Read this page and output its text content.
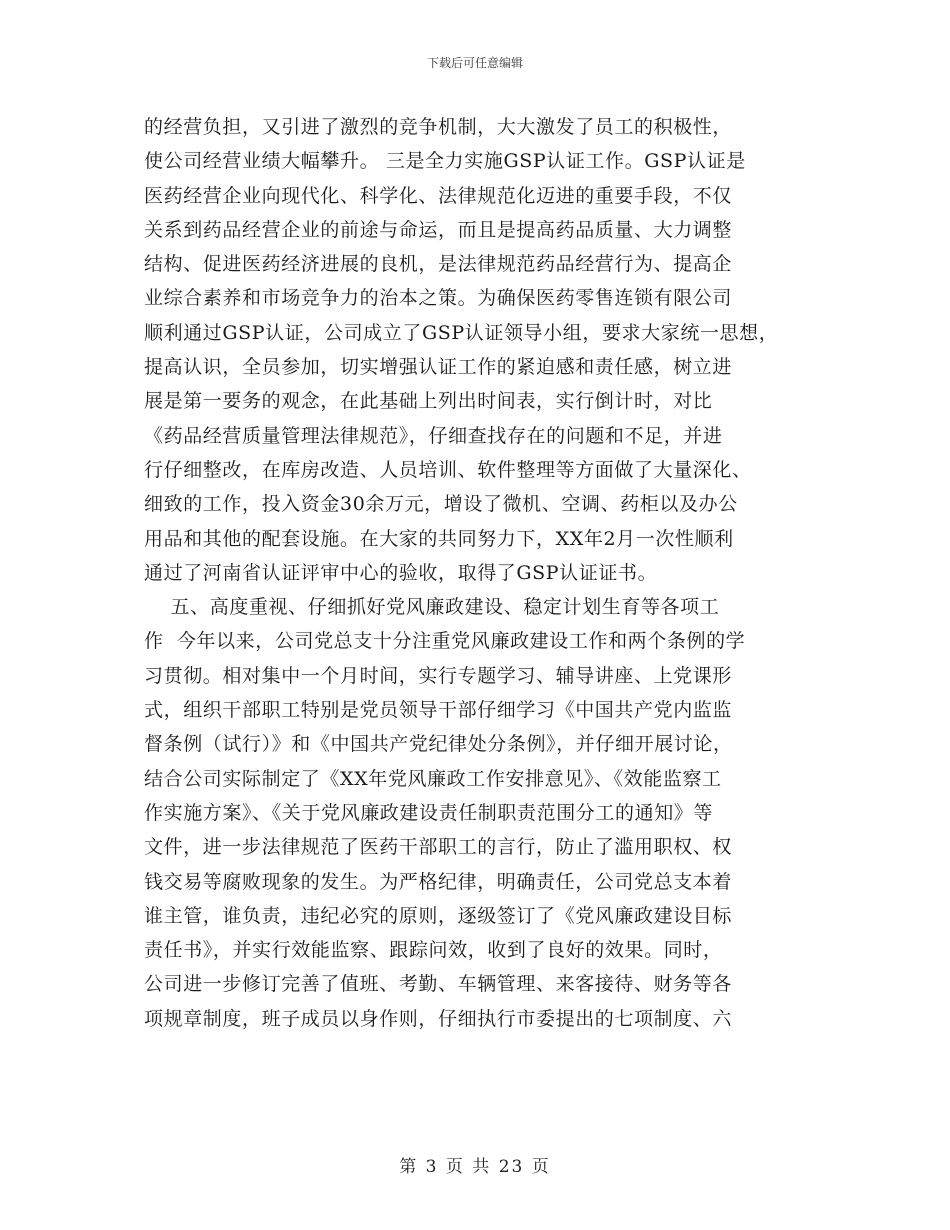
下载后可任意编辑
的经营负担，又引进了激烈的竞争机制，大大激发了员工的积极性，
使公司经营业绩大幅攀升。 三是全力实施GSP认证工作。GSP认证是
医药经营企业向现代化、科学化、法律规范化迈进的重要手段，不仅
关系到药品经营企业的前途与命运，而且是提高药品质量、大力调整
结构、促进医药经济进展的良机，是法律规范药品经营行为、提高企
业综合素养和市场竞争力的治本之策。为确保医药零售连锁有限公司
顺利通过GSP认证，公司成立了GSP认证领导小组，要求大家统一思想，
提高认识，全员参加，切实增强认证工作的紧迫感和责任感，树立进
展是第一要务的观念，在此基础上列出时间表，实行倒计时，对比
《药品经营质量管理法律规范》，仔细查找存在的问题和不足，并进
行仔细整改，在库房改造、人员培训、软件整理等方面做了大量深化、
细致的工作，投入资金30余万元，增设了微机、空调、药柜以及办公
用品和其他的配套设施。在大家的共同努力下，XX年2月一次性顺利
通过了河南省认证评审中心的验收，取得了GSP认证证书。
五、高度重视、仔细抓好党风廉政建设、稳定计划生育等各项工
作  今年以来，公司党总支十分注重党风廉政建设工作和两个条例的学
习贯彻。相对集中一个月时间，实行专题学习、辅导讲座、上党课形
式，组织干部职工特别是党员领导干部仔细学习《中国共产党内监监
督条例（试行）》和《中国共产党纪律处分条例》，并仔细开展讨论，
结合公司实际制定了《XX年党风廉政工作安排意见》、《效能监察工
作实施方案》、《关于党风廉政建设责任制职责范围分工的通知》等
文件，进一步法律规范了医药干部职工的言行，防止了滥用职权、权
钱交易等腐败现象的发生。为严格纪律，明确责任，公司党总支本着
谁主管，谁负责，违纪必究的原则，逐级签订了《党风廉政建设目标
责任书》，并实行效能监察、跟踪问效，收到了良好的效果。同时，
公司进一步修订完善了值班、考勤、车辆管理、来客接待、财务等各
项规章制度，班子成员以身作则，仔细执行市委提出的七项制度、六
第 3 页 共 23 页
